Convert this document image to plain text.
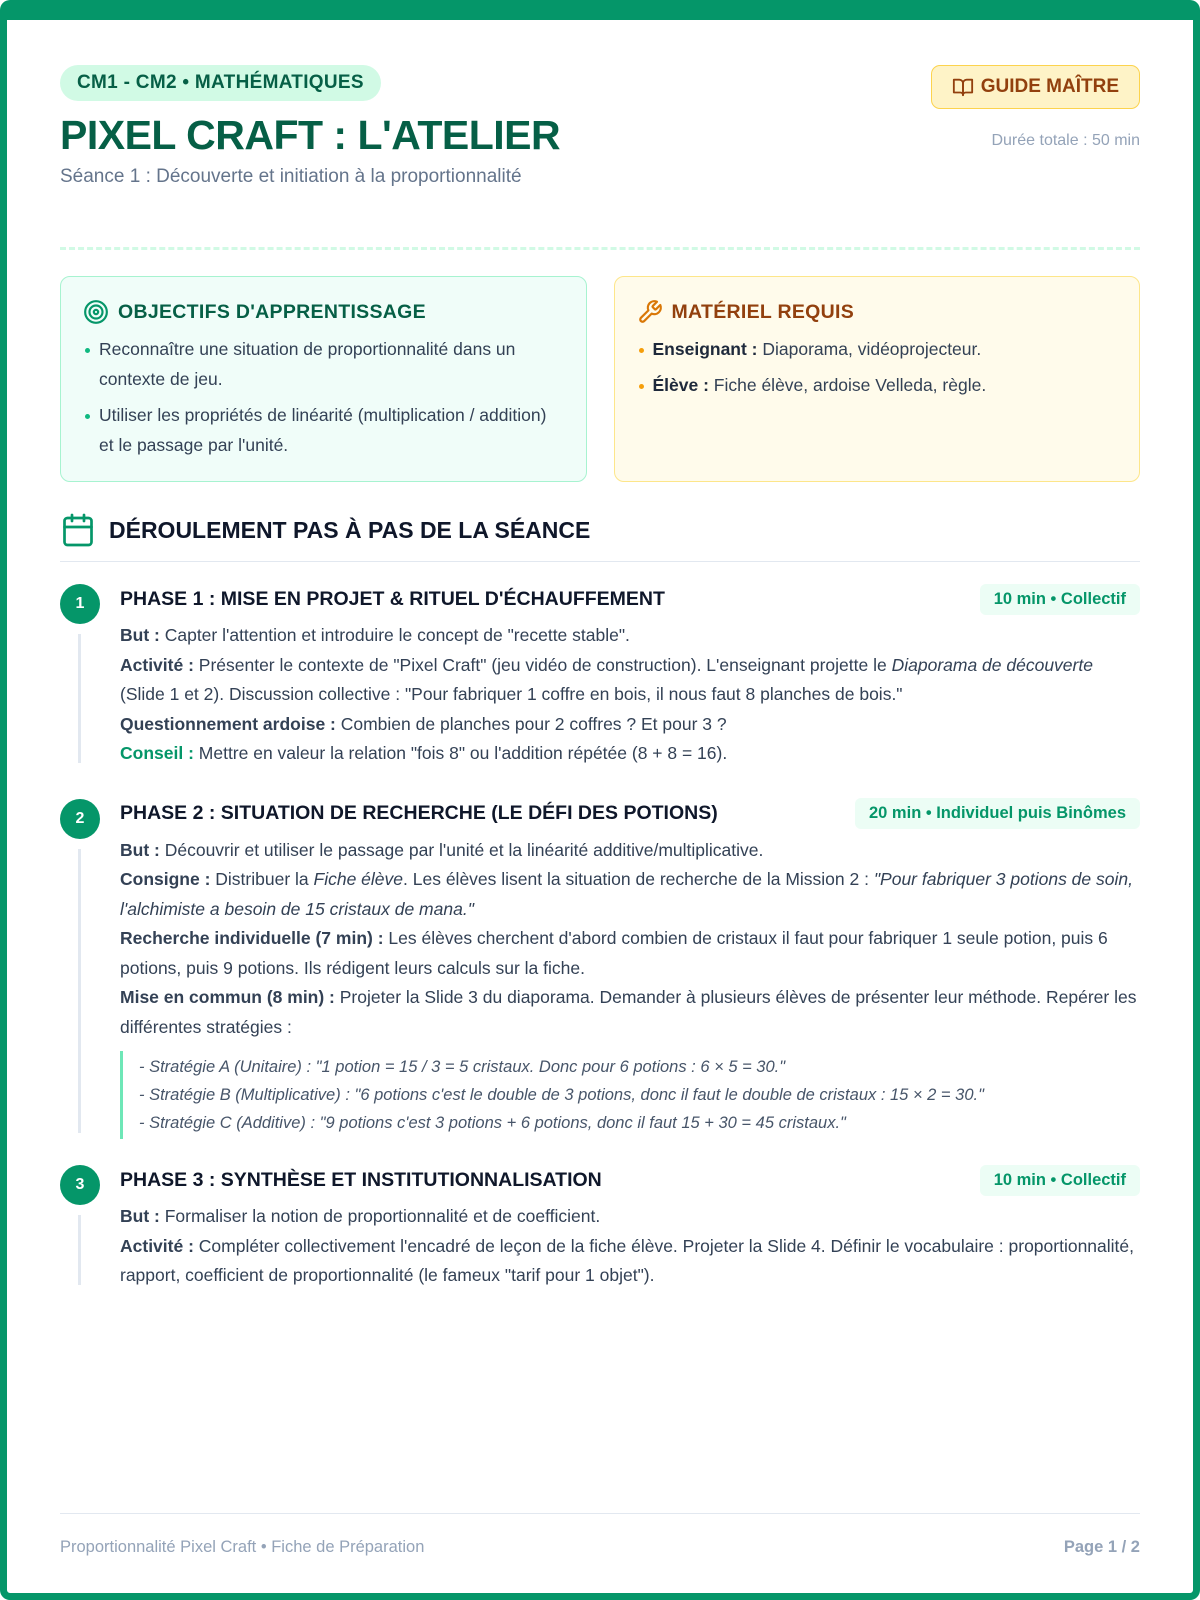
CM1 - CM2 • MATHÉMATIQUES
PIXEL CRAFT : L'ATELIER
Séance 1 : Découverte et initiation à la proportionnalité
GUIDE MAÎTRE
Durée totale : 50 min
OBJECTIFS D'APPRENTISSAGE
Reconnaître une situation de proportionnalité dans un contexte de jeu.
Utiliser les propriétés de linéarité (multiplication / addition) et le passage par l'unité.
MATÉRIEL REQUIS
Enseignant : Diaporama, vidéoprojecteur.
Élève : Fiche élève, ardoise Velleda, règle.
DÉROULEMENT PAS À PAS DE LA SÉANCE
1	PHASE 1 : MISE EN PROJET & RITUEL D'ÉCHAUFFEMENT	10 min • Collectif
But : Capter l'attention et introduire le concept de "recette stable".
Activité : Présenter le contexte de "Pixel Craft" (jeu vidéo de construction). L'enseignant projette le Diaporama de découverte (Slide 1 et 2). Discussion collective : "Pour fabriquer 1 coffre en bois, il nous faut 8 planches de bois."
Questionnement ardoise : Combien de planches pour 2 coffres ? Et pour 3 ?
Conseil : Mettre en valeur la relation "fois 8" ou l'addition répétée (8 + 8 = 16).
2	PHASE 2 : SITUATION DE RECHERCHE (LE DÉFI DES POTIONS)	20 min • Individuel puis Binômes
But : Découvrir et utiliser le passage par l'unité et la linéarité additive/multiplicative.
Consigne : Distribuer la Fiche élève. Les élèves lisent la situation de recherche de la Mission 2 : "Pour fabriquer 3 potions de soin, l'alchimiste a besoin de 15 cristaux de mana."
Recherche individuelle (7 min) : Les élèves cherchent d'abord combien de cristaux il faut pour fabriquer 1 seule potion, puis 6 potions, puis 9 potions. Ils rédigent leurs calculs sur la fiche.
Mise en commun (8 min) : Projeter la Slide 3 du diaporama. Demander à plusieurs élèves de présenter leur méthode. Repérer les différentes stratégies :
- Stratégie A (Unitaire) : "1 potion = 15 / 3 = 5 cristaux. Donc pour 6 potions : 6 × 5 = 30."
- Stratégie B (Multiplicative) : "6 potions c'est le double de 3 potions, donc il faut le double de cristaux : 15 × 2 = 30."
- Stratégie C (Additive) : "9 potions c'est 3 potions + 6 potions, donc il faut 15 + 30 = 45 cristaux."
3	PHASE 3 : SYNTHÈSE ET INSTITUTIONNALISATION	10 min • Collectif
But : Formaliser la notion de proportionnalité et de coefficient.
Activité : Compléter collectivement l'encadré de leçon de la fiche élève. Projeter la Slide 4. Définir le vocabulaire : proportionnalité, rapport, coefficient de proportionnalité (le fameux "tarif pour 1 objet").
Proportionnalité Pixel Craft • Fiche de Préparation	Page 1 / 2
